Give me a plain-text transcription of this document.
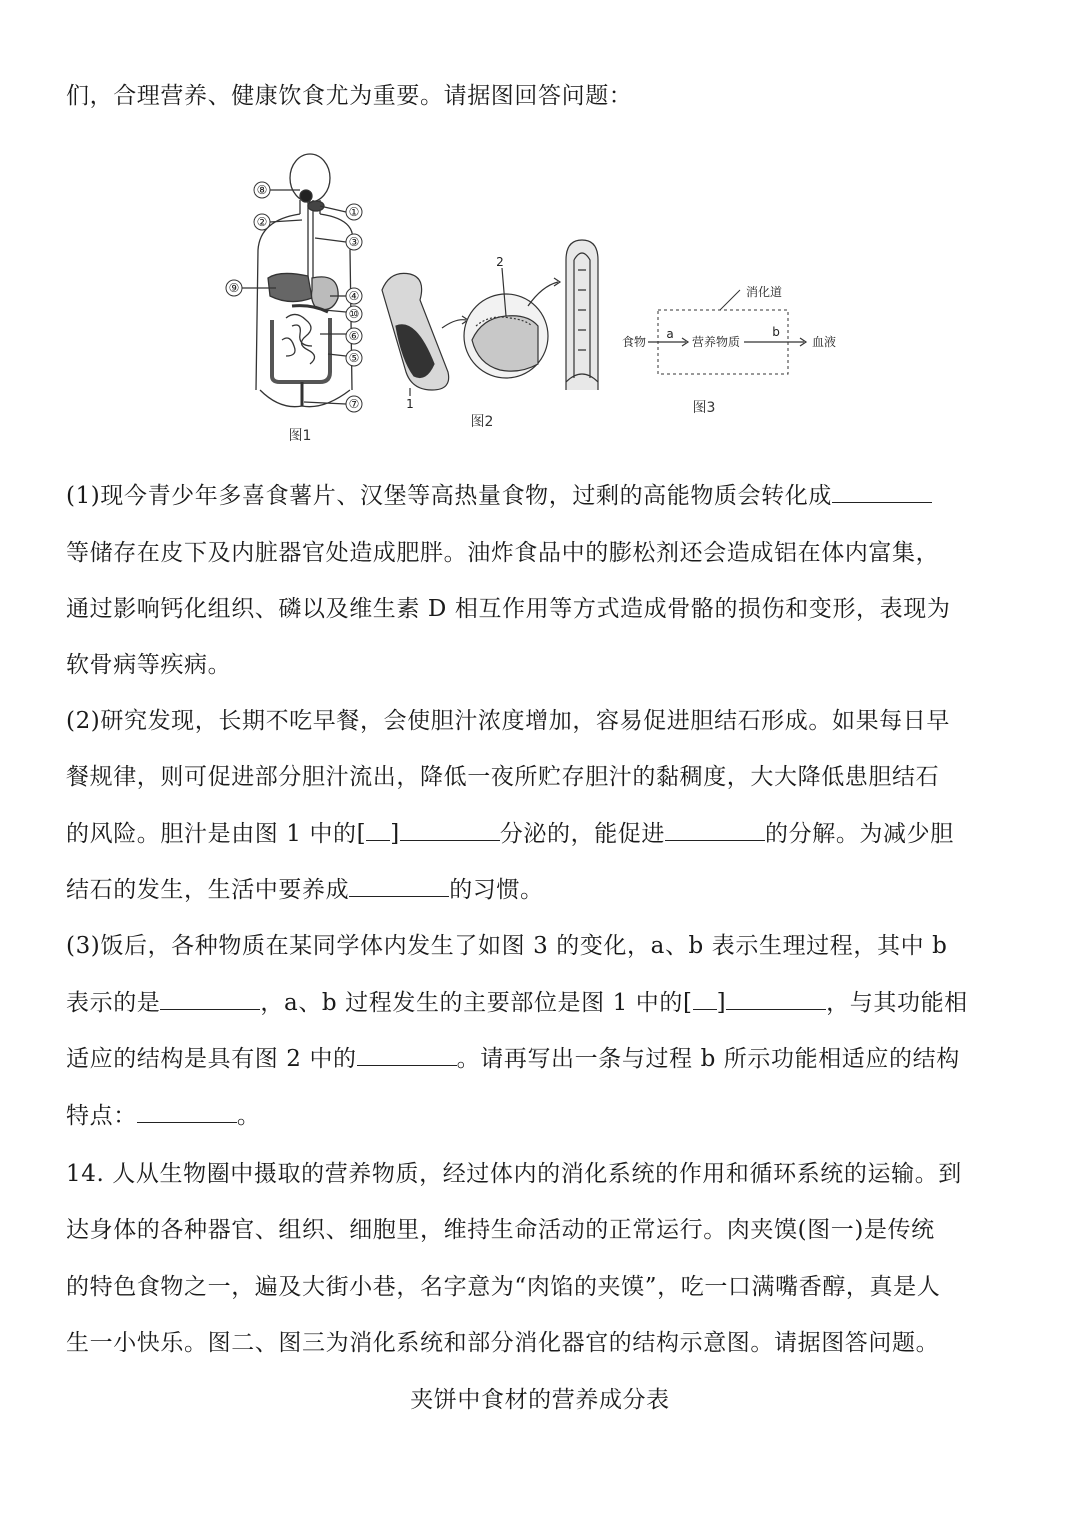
们，合理营养、健康饮食尤为重要。请据图回答问题：
⑧
②
①
③
⑨
④
⑩
⑥
⑤
⑦
图1
2
1
图2
消化道
食物
a
营养物质
b
血液
图3
(1)现今青少年多喜食薯片、汉堡等高热量食物，过剩的高能物质会转化成
等储存在皮下及内脏器官处造成肥胖。油炸食品中的膨松剂还会造成铝在体内富集，
通过影响钙化组织、磷以及维生素 D 相互作用等方式造成骨骼的损伤和变形，表现为
软骨病等疾病。
(2)研究发现，长期不吃早餐，会使胆汁浓度增加，容易促进胆结石形成。如果每日早
餐规律，则可促进部分胆汁流出，降低一夜所贮存胆汁的黏稠度，大大降低患胆结石
的风险。胆汁是由图 1 中的[ ]	分泌的，能促进	的分解。为减少胆
结石的发生，生活中要养成	的习惯。
(3)饭后，各种物质在某同学体内发生了如图 3 的变化，a、b 表示生理过程，其中 b
表示的是	，a、b 过程发生的主要部位是图 1 中的[ ]	，与其功能相
适应的结构是具有图 2 中的	。请再写出一条与过程 b 所示功能相适应的结构
特点：	。
14. 人从生物圈中摄取的营养物质，经过体内的消化系统的作用和循环系统的运输。到
达身体的各种器官、组织、细胞里，维持生命活动的正常运行。肉夹馍(图一)是传统
的特色食物之一，遍及大街小巷，名字意为“肉馅的夹馍”，吃一口满嘴香醇，真是人
生一小快乐。图二、图三为消化系统和部分消化器官的结构示意图。请据图答问题。
夹饼中食材的营养成分表
